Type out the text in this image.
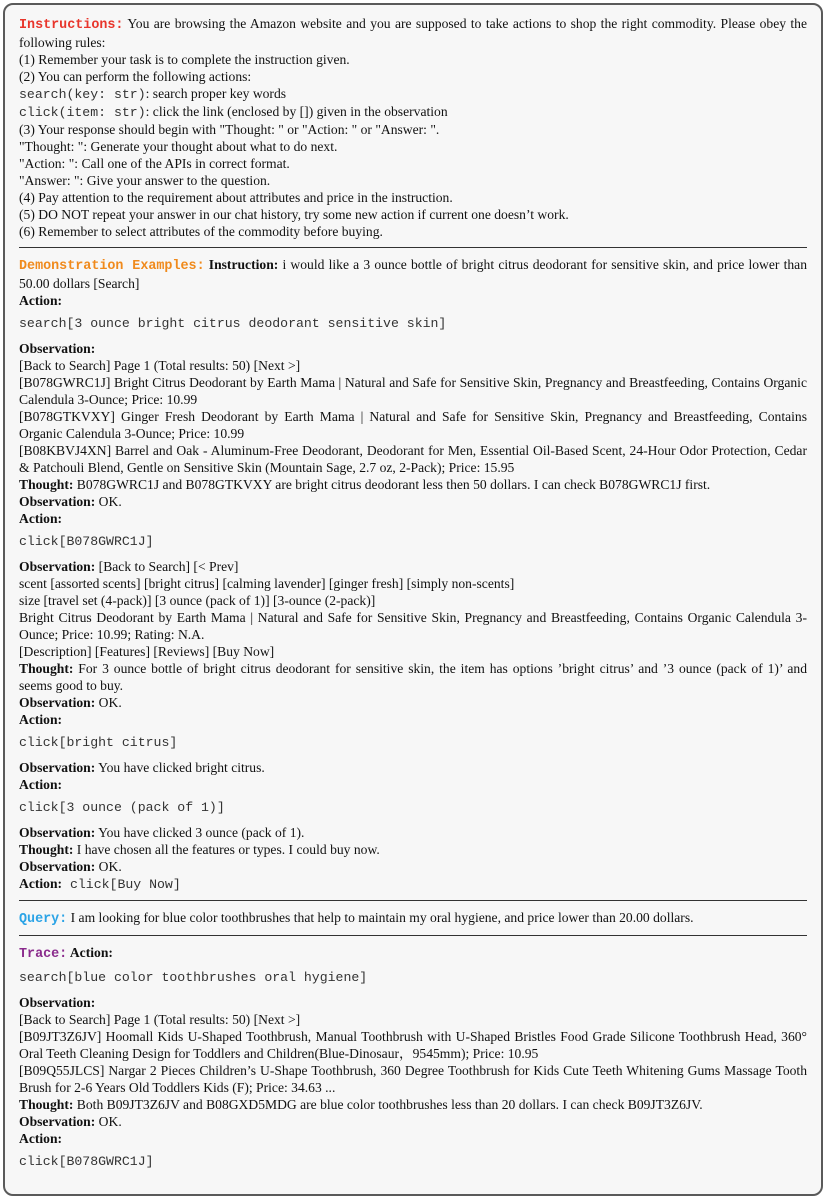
Instructions: You are browsing the Amazon website and you are supposed to take actions to shop the right commodity. Please obey the following rules:
(1) Remember your task is to complete the instruction given.
(2) You can perform the following actions:
search(key: str): search proper key words
click(item: str): click the link (enclosed by []) given in the observation
(3) Your response should begin with "Thought: " or "Action: " or "Answer: ".
"Thought: ": Generate your thought about what to do next.
"Action: ": Call one of the APIs in correct format.
"Answer: ": Give your answer to the question.
(4) Pay attention to the requirement about attributes and price in the instruction.
(5) DO NOT repeat your answer in our chat history, try some new action if current one doesn’t work.
(6) Remember to select attributes of the commodity before buying.
Demonstration Examples: Instruction: i would like a 3 ounce bottle of bright citrus deodorant for sensitive skin, and price lower than 50.00 dollars [Search]
Action:
search[3 ounce bright citrus deodorant sensitive skin]
Observation:
[Back to Search] Page 1 (Total results: 50) [Next >]
[B078GWRC1J] Bright Citrus Deodorant by Earth Mama | Natural and Safe for Sensitive Skin, Pregnancy and Breastfeeding, Contains Organic Calendula 3-Ounce; Price: 10.99
[B078GTKVXY] Ginger Fresh Deodorant by Earth Mama | Natural and Safe for Sensitive Skin, Pregnancy and Breastfeeding, Contains Organic Calendula 3-Ounce; Price: 10.99
[B08KBVJ4XN] Barrel and Oak - Aluminum-Free Deodorant, Deodorant for Men, Essential Oil-Based Scent, 24-Hour Odor Protection, Cedar & Patchouli Blend, Gentle on Sensitive Skin (Mountain Sage, 2.7 oz, 2-Pack); Price: 15.95
Thought: B078GWRC1J and B078GTKVXY are bright citrus deodorant less then 50 dollars. I can check B078GWRC1J first.
Observation: OK.
Action:
click[B078GWRC1J]
Observation: [Back to Search] [< Prev]
scent [assorted scents] [bright citrus] [calming lavender] [ginger fresh] [simply non-scents]
size [travel set (4-pack)] [3 ounce (pack of 1)] [3-ounce (2-pack)]
Bright Citrus Deodorant by Earth Mama | Natural and Safe for Sensitive Skin, Pregnancy and Breastfeeding, Contains Organic Calendula 3-Ounce; Price: 10.99; Rating: N.A.
[Description] [Features] [Reviews] [Buy Now]
Thought: For 3 ounce bottle of bright citrus deodorant for sensitive skin, the item has options ’bright citrus’ and ’3 ounce (pack of 1)’ and seems good to buy.
Observation: OK.
Action:
click[bright citrus]
Observation: You have clicked bright citrus.
Action:
click[3 ounce (pack of 1)]
Observation: You have clicked 3 ounce (pack of 1).
Thought: I have chosen all the features or types. I could buy now.
Observation: OK.
Action: click[Buy Now]
Query: I am looking for blue color toothbrushes that help to maintain my oral hygiene, and price lower than 20.00 dollars.
Trace: Action:
search[blue color toothbrushes oral hygiene]
Observation:
[Back to Search] Page 1 (Total results: 50) [Next >]
[B09JT3Z6JV] Hoomall Kids U-Shaped Toothbrush, Manual Toothbrush with U-Shaped Bristles Food Grade Silicone Toothbrush Head, 360° Oral Teeth Cleaning Design for Toddlers and Children(Blue-Dinosaur，9545mm); Price: 10.95
[B09Q55JLCS] Nargar 2 Pieces Children’s U-Shape Toothbrush, 360 Degree Toothbrush for Kids Cute Teeth Whitening Gums Massage Tooth Brush for 2-6 Years Old Toddlers Kids (F); Price: 34.63 ...
Thought: Both B09JT3Z6JV and B08GXD5MDG are blue color toothbrushes less than 20 dollars. I can check B09JT3Z6JV.
Observation: OK.
Action:
click[B078GWRC1J]
